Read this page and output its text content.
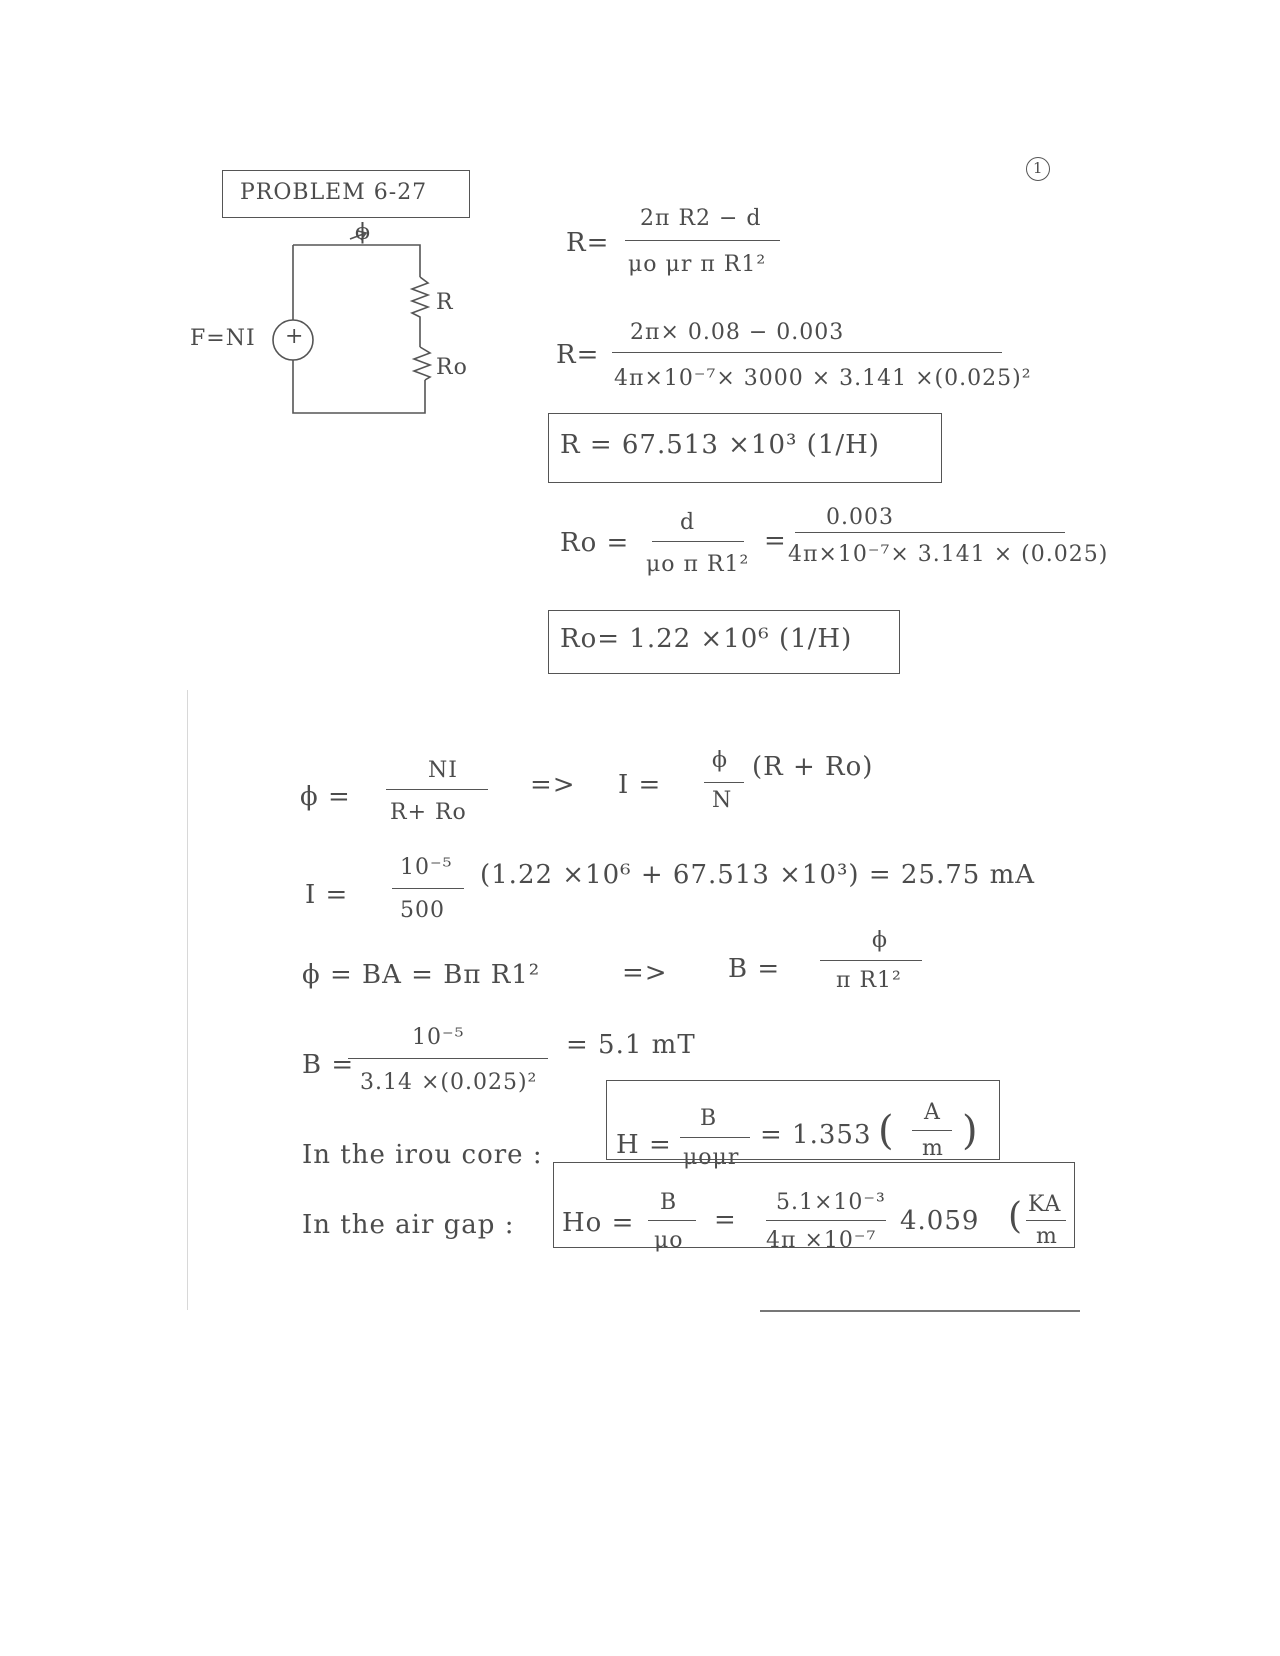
1
PROBLEM 6-27
ϕ
F=NI +
R
Ro
R=
2π R2 − d
μo μr π R1²
R=
2π× 0.08 − 0.003
4π×10⁻⁷× 3000 × 3.141 ×(0.025)²
R = 67.513 ×10³ (1/H)
Ro =
d
μo π R1²
=
0.003
4π×10⁻⁷× 3.141 × (0.025)
Ro= 1.22 ×10⁶ (1/H)
ϕ =
NI
R+ Ro
=> I =
ϕ
N
(R + Ro)
I =
10⁻⁵
500
(1.22 ×10⁶ + 67.513 ×10³) = 25.75 mA
ϕ = BA = Bπ R1²	=> B =
ϕ
π R1²
B =
10⁻⁵
3.14 ×(0.025)²
= 5.1 mT
In the irou core :	H =
B
μoμr
= 1.353 ( A
m )
In the air gap : Ho =
B
μo
=
5.1×10⁻³
4π ×10⁻⁷
4.059 ( KA
m
